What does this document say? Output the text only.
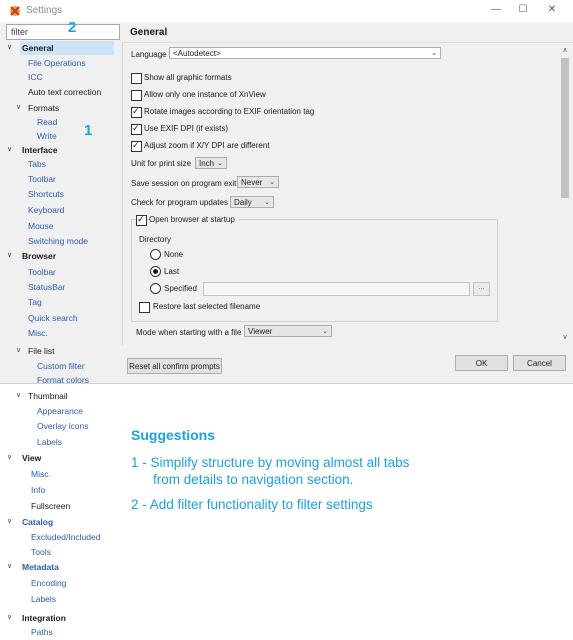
Settings	— ☐ ✕
filter
2
∨ General
File Operations
ICC
Auto text correction
∨ Formats
Read
Write
∨ Interface
Tabs
Toolbar
Shortcuts
Keyboard
Mouse
Switching mode
∨ Browser
Toolbar
StatusBar
Tag
Quick search
Misc.
∨ File list
Custom filter
Format colors
∨ Thumbnail
Appearance
Overlay icons
Labels
∨ View
Misc.
Info
Fullscreen
∨ Catalog
Excluded/Included
Tools
∨ Metadata
Encoding
Labels
∨ Integration
Paths
1
General
∧
∨
Language <Autodetect>	⌄
Show all graphic formats
Allow only one instance of XnView
✓
Rotate images according to EXIF orientation tag
✓
Use EXIF DPI (if exists)
✓
Adjust zoom if X/Y DPI are different
Unit for print size Inch ⌄
Save session on program exit Never ⌄
Check for program updates Daily ⌄
✓
Open browser at startup
Directory
None
Last
Specified	...
Restore last selected filename
Mode when starting with a file Viewer	⌄
Reset all confirm prompts	OK	Cancel
Suggestions
1 - Simplify structure by moving almost all tabs
from details to navigation section.
2 - Add filter functionality to filter settings
